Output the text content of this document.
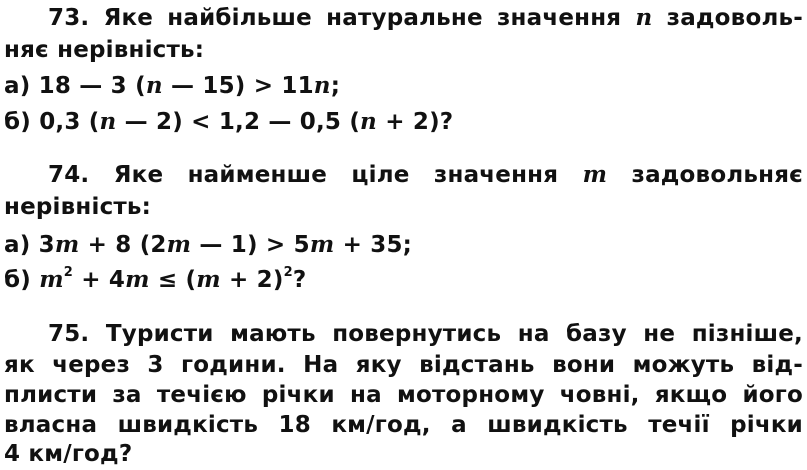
73. Яке найбільше натуральне значення n задоволь-
няє нерівність:
а) 18 — 3 (n — 15) > 11n;
б) 0,3 (n — 2) < 1,2 — 0,5 (n + 2)?
74. Яке найменше ціле значення m задовольняє
нерівність:
а) 3m + 8 (2m — 1) > 5m + 35;
б) $m^2 + 4m \le (m + 2)^2$?
75. Туристи мають повернутись на базу не пізніше,
як через 3 години. На яку відстань вони можуть від-
плисти за течією річки на моторному човні, якщо його
власна швидкість 18 км/год, а швидкість течії річки
4 км/год?
